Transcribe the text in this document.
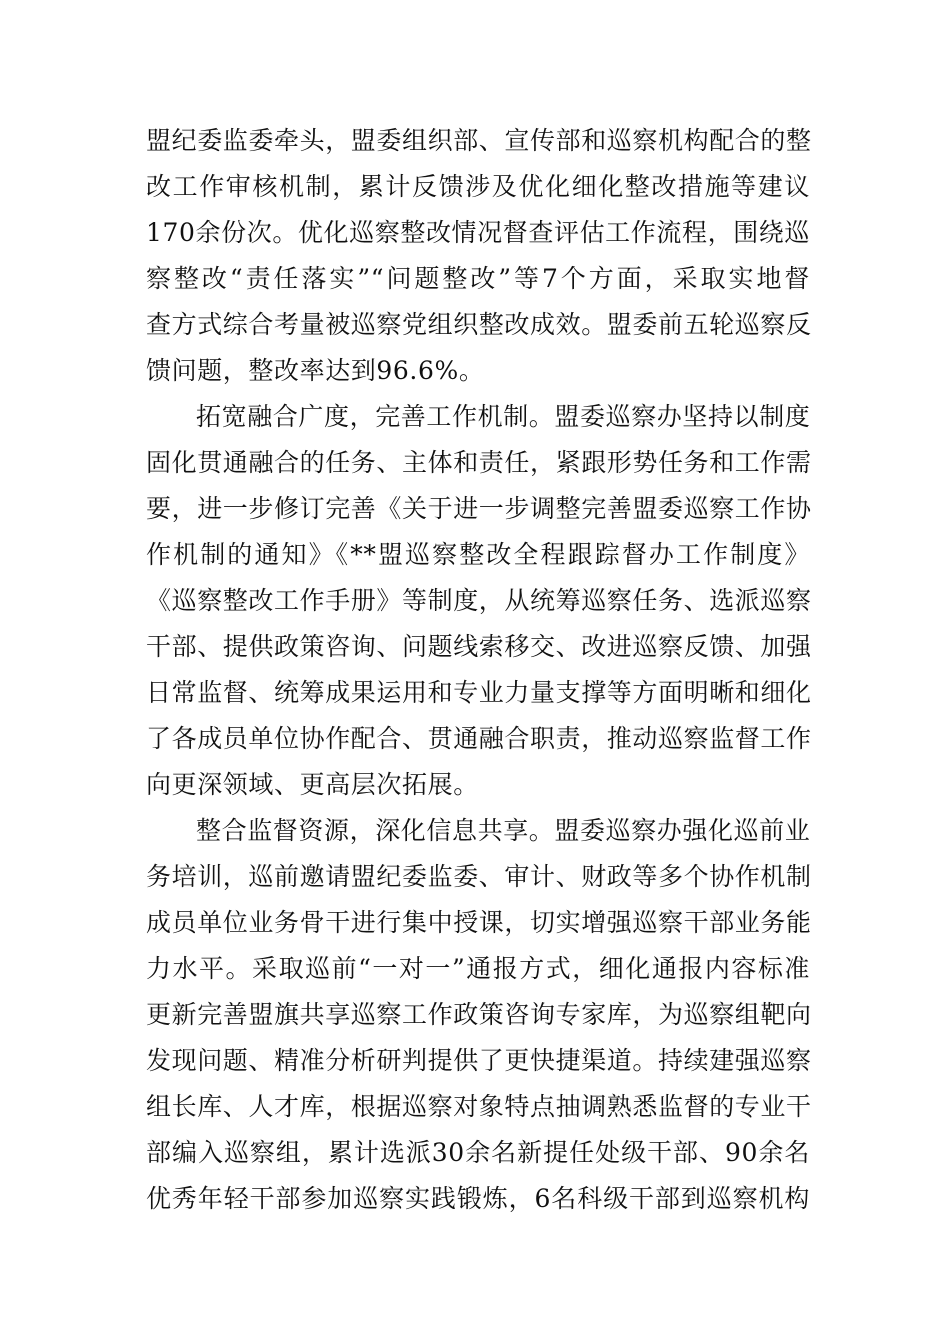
盟纪委监委牵头，盟委组织部、宣传部和巡察机构配合的整
改工作审核机制，累计反馈涉及优化细化整改措施等建议
170余份次。优化巡察整改情况督查评估工作流程，围绕巡
察整改“责任落实”“问题整改”等7个方面，采取实地督
查方式综合考量被巡察党组织整改成效。盟委前五轮巡察反
馈问题，整改率达到96.6%。
拓宽融合广度，完善工作机制。盟委巡察办坚持以制度
固化贯通融合的任务、主体和责任，紧跟形势任务和工作需
要，进一步修订完善《关于进一步调整完善盟委巡察工作协
作机制的通知》《**盟巡察整改全程跟踪督办工作制度》
《巡察整改工作手册》等制度，从统筹巡察任务、选派巡察
干部、提供政策咨询、问题线索移交、改进巡察反馈、加强
日常监督、统筹成果运用和专业力量支撑等方面明晰和细化
了各成员单位协作配合、贯通融合职责，推动巡察监督工作
向更深领域、更高层次拓展。
整合监督资源，深化信息共享。盟委巡察办强化巡前业
务培训，巡前邀请盟纪委监委、审计、财政等多个协作机制
成员单位业务骨干进行集中授课，切实增强巡察干部业务能
力水平。采取巡前“一对一”通报方式，细化通报内容标准
更新完善盟旗共享巡察工作政策咨询专家库，为巡察组靶向
发现问题、精准分析研判提供了更快捷渠道。持续建强巡察
组长库、人才库，根据巡察对象特点抽调熟悉监督的专业干
部编入巡察组，累计选派30余名新提任处级干部、90余名
优秀年轻干部参加巡察实践锻炼，6名科级干部到巡察机构
